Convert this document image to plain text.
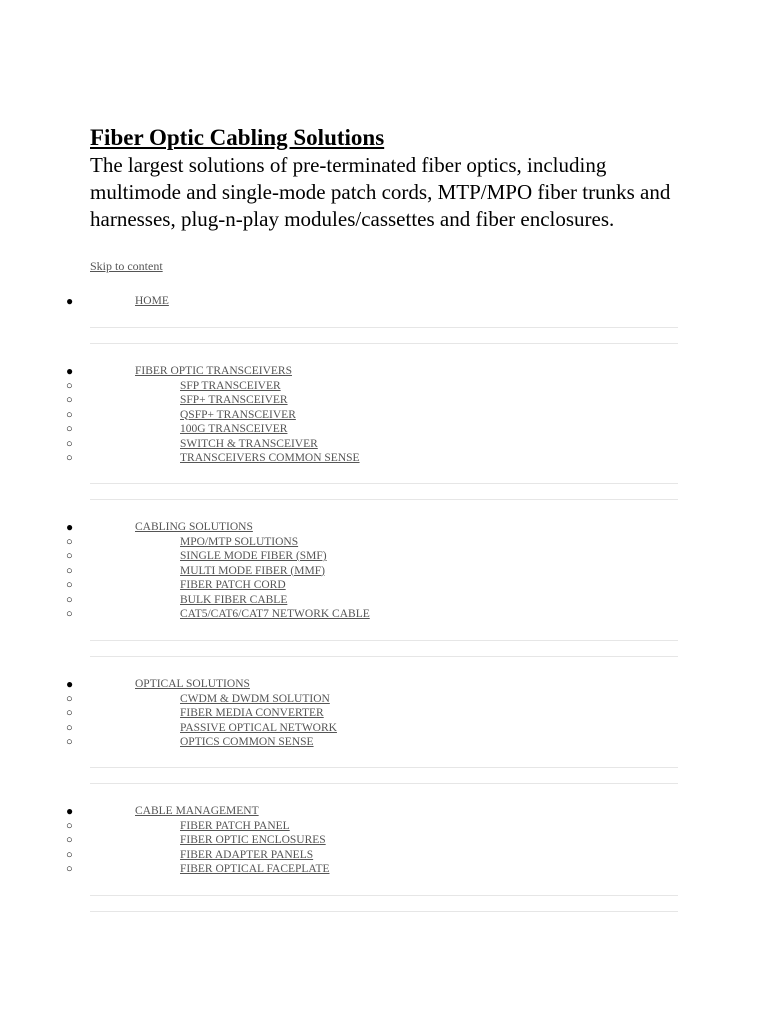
Fiber Optic Cabling Solutions

The largest solutions of pre-terminated fiber optics, including multimode and single-mode patch cords, MTP/MPO fiber trunks and harnesses, plug-n-play modules/cassettes and fiber enclosures.

Skip to content
●	HOME
●	FIBER OPTIC TRANSCEIVERS
○	SFP TRANSCEIVER
○	SFP+ TRANSCEIVER
○	QSFP+ TRANSCEIVER
○	100G TRANSCEIVER
○	SWITCH & TRANSCEIVER
○	TRANSCEIVERS COMMON SENSE
●	CABLING SOLUTIONS
○	MPO/MTP SOLUTIONS
○	SINGLE MODE FIBER (SMF)
○	MULTI MODE FIBER (MMF)
○	FIBER PATCH CORD
○	BULK FIBER CABLE
○	CAT5/CAT6/CAT7 NETWORK CABLE
●	OPTICAL SOLUTIONS
○	CWDM & DWDM SOLUTION
○	FIBER MEDIA CONVERTER
○	PASSIVE OPTICAL NETWORK
○	OPTICS COMMON SENSE
●	CABLE MANAGEMENT
○	FIBER PATCH PANEL
○	FIBER OPTIC ENCLOSURES
○	FIBER ADAPTER PANELS
○	FIBER OPTICAL FACEPLATE
